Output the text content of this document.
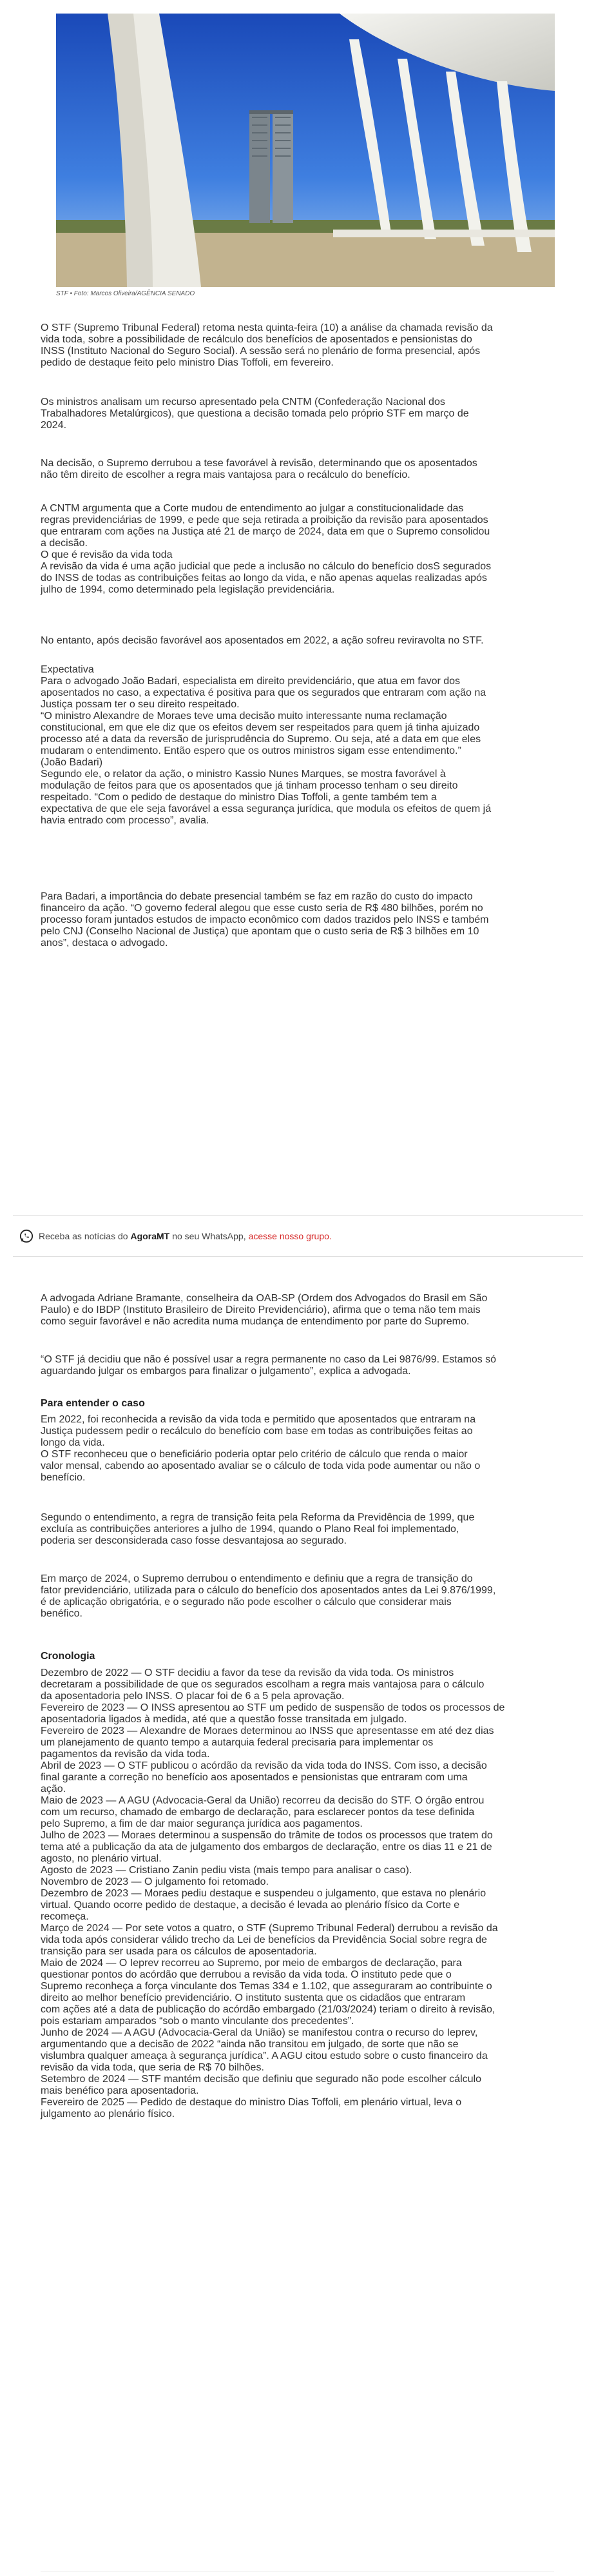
STF • Foto: Marcos Oliveira/AGÊNCIA SENADO
O STF (Supremo Tribunal Federal) retoma nesta quinta-feira (10) a análise da chamada revisão da
vida toda, sobre a possibilidade de recálculo dos benefícios de aposentados e pensionistas do
INSS (Instituto Nacional do Seguro Social). A sessão será no plenário de forma presencial, após
pedido de destaque feito pelo ministro Dias Toffoli, em fevereiro.
Os ministros analisam um recurso apresentado pela CNTM (Confederação Nacional dos
Trabalhadores Metalúrgicos), que questiona a decisão tomada pelo próprio STF em março de
2024.
Na decisão, o Supremo derrubou a tese favorável à revisão, determinando que os aposentados
não têm direito de escolher a regra mais vantajosa para o recálculo do benefício.
A CNTM argumenta que a Corte mudou de entendimento ao julgar a constitucionalidade das
regras previdenciárias de 1999, e pede que seja retirada a proibição da revisão para aposentados
que entraram com ações na Justiça até 21 de março de 2024, data em que o Supremo consolidou
a decisão.
O que é revisão da vida toda
A revisão da vida é uma ação judicial que pede a inclusão no cálculo do benefício dosS segurados
do INSS de todas as contribuições feitas ao longo da vida, e não apenas aquelas realizadas após
julho de 1994, como determinado pela legislação previdenciária.
No entanto, após decisão favorável aos aposentados em 2022, a ação sofreu reviravolta no STF.
Expectativa
Para o advogado João Badari, especialista em direito previdenciário, que atua em favor dos
aposentados no caso, a expectativa é positiva para que os segurados que entraram com ação na
Justiça possam ter o seu direito respeitado.
“O ministro Alexandre de Moraes teve uma decisão muito interessante numa reclamação
constitucional, em que ele diz que os efeitos devem ser respeitados para quem já tinha ajuizado
processo até a data da reversão de jurisprudência do Supremo. Ou seja, até a data em que eles
mudaram o entendimento. Então espero que os outros ministros sigam esse entendimento.”
(João Badari)
Segundo ele, o relator da ação, o ministro Kassio Nunes Marques, se mostra favorável à
modulação de feitos para que os aposentados que já tinham processo tenham o seu direito
respeitado. “Com o pedido de destaque do ministro Dias Toffoli, a gente também tem a
expectativa de que ele seja favorável a essa segurança jurídica, que modula os efeitos de quem já
havia entrado com processo”, avalia.
Para Badari, a importância do debate presencial também se faz em razão do custo do impacto
financeiro da ação. “O governo federal alegou que esse custo seria de R$ 480 bilhões, porém no
processo foram juntados estudos de impacto econômico com dados trazidos pelo INSS e também
pelo CNJ (Conselho Nacional de Justiça) que apontam que o custo seria de R$ 3 bilhões em 10
anos”, destaca o advogado.
Receba as notícias do AgoraMT no seu WhatsApp, acesse nosso grupo.
A advogada Adriane Bramante, conselheira da OAB-SP (Ordem dos Advogados do Brasil em São
Paulo) e do IBDP (Instituto Brasileiro de Direito Previdenciário), afirma que o tema não tem mais
como seguir favorável e não acredita numa mudança de entendimento por parte do Supremo.
“O STF já decidiu que não é possível usar a regra permanente no caso da Lei 9876/99. Estamos só
aguardando julgar os embargos para finalizar o julgamento”, explica a advogada.
Para entender o caso
Em 2022, foi reconhecida a revisão da vida toda e permitido que aposentados que entraram na
Justiça pudessem pedir o recálculo do benefício com base em todas as contribuições feitas ao
longo da vida.
O STF reconheceu que o beneficiário poderia optar pelo critério de cálculo que renda o maior
valor mensal, cabendo ao aposentado avaliar se o cálculo de toda vida pode aumentar ou não o
benefício.
Segundo o entendimento, a regra de transição feita pela Reforma da Previdência de 1999, que
excluía as contribuições anteriores a julho de 1994, quando o Plano Real foi implementado,
poderia ser desconsiderada caso fosse desvantajosa ao segurado.
Em março de 2024, o Supremo derrubou o entendimento e definiu que a regra de transição do
fator previdenciário, utilizada para o cálculo do benefício dos aposentados antes da Lei 9.876/1999,
é de aplicação obrigatória, e o segurado não pode escolher o cálculo que considerar mais
benéfico.
Cronologia
Dezembro de 2022 — O STF decidiu a favor da tese da revisão da vida toda. Os ministros
decretaram a possibilidade de que os segurados escolham a regra mais vantajosa para o cálculo
da aposentadoria pelo INSS. O placar foi de 6 a 5 pela aprovação.
Fevereiro de 2023 — O INSS apresentou ao STF um pedido de suspensão de todos os processos de
aposentadoria ligados à medida, até que a questão fosse transitada em julgado.
Fevereiro de 2023 — Alexandre de Moraes determinou ao INSS que apresentasse em até dez dias
um planejamento de quanto tempo a autarquia federal precisaria para implementar os
pagamentos da revisão da vida toda.
Abril de 2023 — O STF publicou o acórdão da revisão da vida toda do INSS. Com isso, a decisão
final garante a correção no benefício aos aposentados e pensionistas que entraram com uma
ação.
Maio de 2023 — A AGU (Advocacia-Geral da União) recorreu da decisão do STF. O órgão entrou
com um recurso, chamado de embargo de declaração, para esclarecer pontos da tese definida
pelo Supremo, a fim de dar maior segurança jurídica aos pagamentos.
Julho de 2023 — Moraes determinou a suspensão do trâmite de todos os processos que tratem do
tema até a publicação da ata de julgamento dos embargos de declaração, entre os dias 11 e 21 de
agosto, no plenário virtual.
Agosto de 2023 — Cristiano Zanin pediu vista (mais tempo para analisar o caso).
Novembro de 2023 — O julgamento foi retomado.
Dezembro de 2023 — Moraes pediu destaque e suspendeu o julgamento, que estava no plenário
virtual. Quando ocorre pedido de destaque, a decisão é levada ao plenário físico da Corte e
recomeça.
Março de 2024 — Por sete votos a quatro, o STF (Supremo Tribunal Federal) derrubou a revisão da
vida toda após considerar válido trecho da Lei de benefícios da Previdência Social sobre regra de
transição para ser usada para os cálculos de aposentadoria.
Maio de 2024 — O Ieprev recorreu ao Supremo, por meio de embargos de declaração, para
questionar pontos do acórdão que derrubou a revisão da vida toda. O instituto pede que o
Supremo reconheça a força vinculante dos Temas 334 e 1.102, que asseguraram ao contribuinte o
direito ao melhor benefício previdenciário. O instituto sustenta que os cidadãos que entraram
com ações até a data de publicação do acórdão embargado (21/03/2024) teriam o direito à revisão,
pois estariam amparados “sob o manto vinculante dos precedentes”.
Junho de 2024 — A AGU (Advocacia-Geral da União) se manifestou contra o recurso do Ieprev,
argumentando que a decisão de 2022 “ainda não transitou em julgado, de sorte que não se
vislumbra qualquer ameaça à segurança jurídica”. A AGU citou estudo sobre o custo financeiro da
revisão da vida toda, que seria de R$ 70 bilhões.
Setembro de 2024 — STF mantém decisão que definiu que segurado não pode escolher cálculo
mais benéfico para aposentadoria.
Fevereiro de 2025 — Pedido de destaque do ministro Dias Toffoli, em plenário virtual, leva o
julgamento ao plenário físico.
